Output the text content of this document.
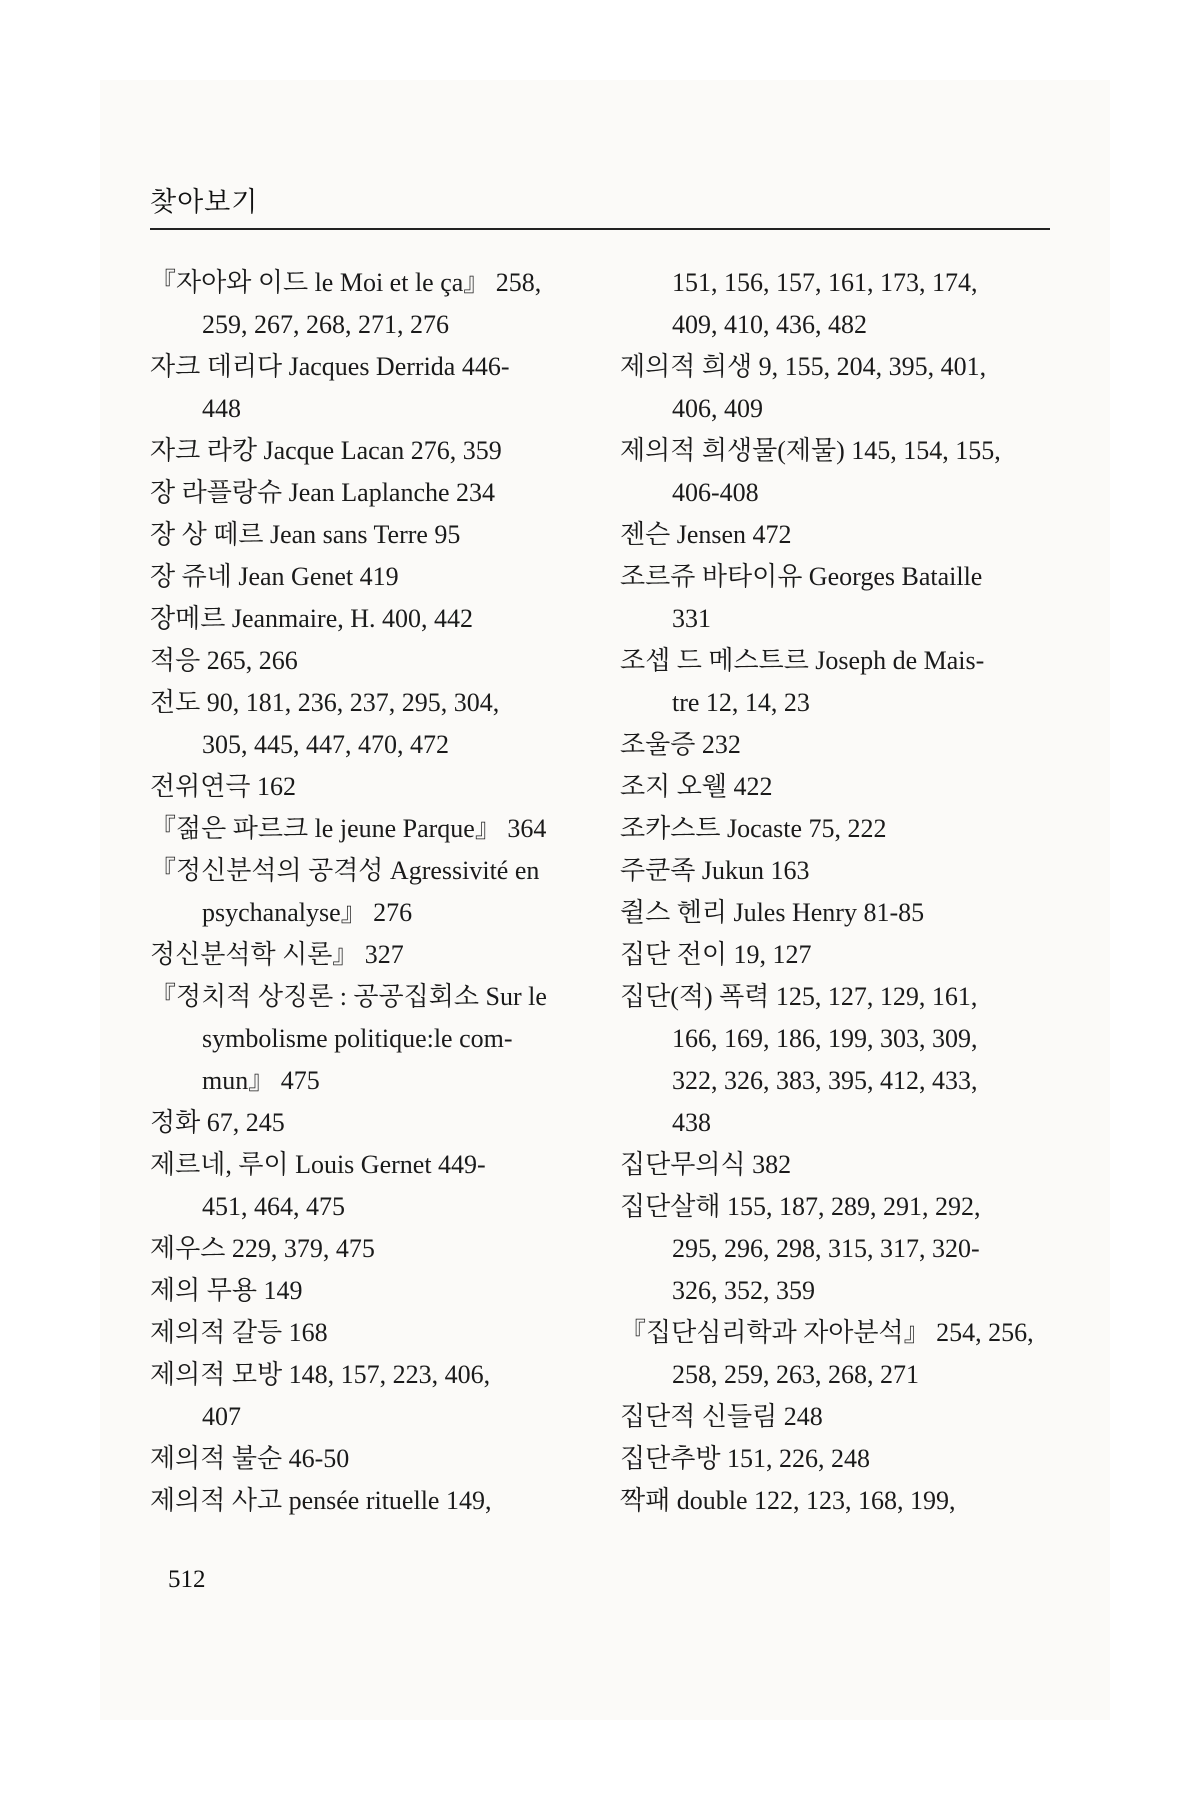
찾아보기
『자아와 이드 le Moi et le ça』 258,
259, 267, 268, 271, 276
자크 데리다 Jacques Derrida 446-
448
자크 라캉 Jacque Lacan 276, 359
장 라플랑슈 Jean Laplanche 234
장 상 떼르 Jean sans Terre 95
장 쥬네 Jean Genet 419
장메르 Jeanmaire, H. 400, 442
적응 265, 266
전도 90, 181, 236, 237, 295, 304,
305, 445, 447, 470, 472
전위연극 162
『젊은 파르크 le jeune Parque』 364
『정신분석의 공격성 Agressivité en
psychanalyse』 276
정신분석학 시론』 327
『정치적 상징론 : 공공집회소 Sur le
symbolisme politique:le com-
mun』 475
정화 67, 245
제르네, 루이 Louis Gernet 449-
451, 464, 475
제우스 229, 379, 475
제의 무용 149
제의적 갈등 168
제의적 모방 148, 157, 223, 406,
407
제의적 불순 46-50
제의적 사고 pensée rituelle 149,
151, 156, 157, 161, 173, 174,
409, 410, 436, 482
제의적 희생 9, 155, 204, 395, 401,
406, 409
제의적 희생물(제물) 145, 154, 155,
406-408
젠슨 Jensen 472
조르쥬 바타이유 Georges Bataille
331
조셉 드 메스트르 Joseph de Mais-
tre 12, 14, 23
조울증 232
조지 오웰 422
조카스트 Jocaste 75, 222
주쿤족 Jukun 163
쥘스 헨리 Jules Henry 81-85
집단 전이 19, 127
집단(적) 폭력 125, 127, 129, 161,
166, 169, 186, 199, 303, 309,
322, 326, 383, 395, 412, 433,
438
집단무의식 382
집단살해 155, 187, 289, 291, 292,
295, 296, 298, 315, 317, 320-
326, 352, 359
『집단심리학과 자아분석』 254, 256,
258, 259, 263, 268, 271
집단적 신들림 248
집단추방 151, 226, 248
짝패 double 122, 123, 168, 199,
512
